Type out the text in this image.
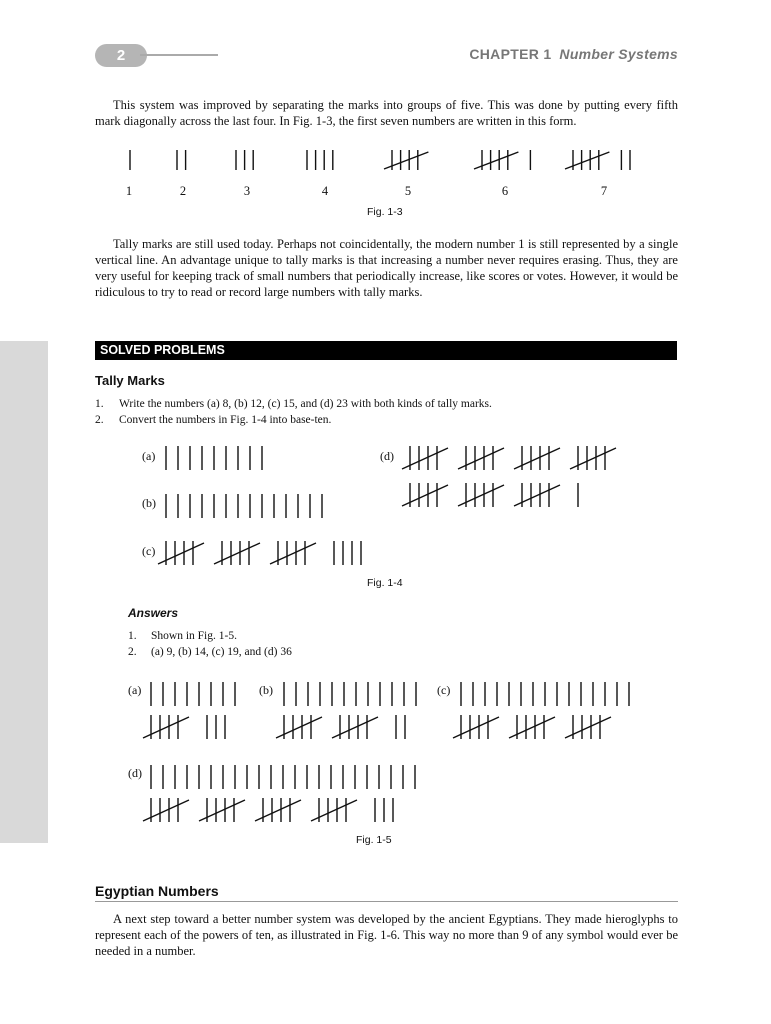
2	CHAPTER 1 Number Systems

This system was improved by separating the marks into groups of five. This was done by putting every fifth mark diagonally across the last four. In Fig. 1-3, the first seven numbers are written in this form.

1	2	3	4	5	6	7
Fig. 1-3

Tally marks are still used today. Perhaps not coincidentally, the modern number 1 is still represented by a single vertical line. An advantage unique to tally marks is that increasing a number never requires erasing. Thus, they are very useful for keeping track of small numbers that periodically increase, like scores or votes. However, it would be ridiculous to try to read or record large numbers with tally marks.

SOLVED PROBLEMS
Tally Marks
1. Write the numbers (a) 8, (b) 12, (c) 15, and (d) 23 with both kinds of tally marks.
2. Convert the numbers in Fig. 1-4 into base-ten.
(a)
(b)
(c)
(d)
Fig. 1-4
Answers
1. Shown in Fig. 1-5.
2. (a) 9, (b) 14, (c) 19, and (d) 36
(a)	(b)	(c)
(d)
Fig. 1-5
Egyptian Numbers

A next step toward a better number system was developed by the ancient Egyptians. They made hieroglyphs to represent each of the powers of ten, as illustrated in Fig. 1-6. This way no more than 9 of any symbol would ever be needed in a number.
